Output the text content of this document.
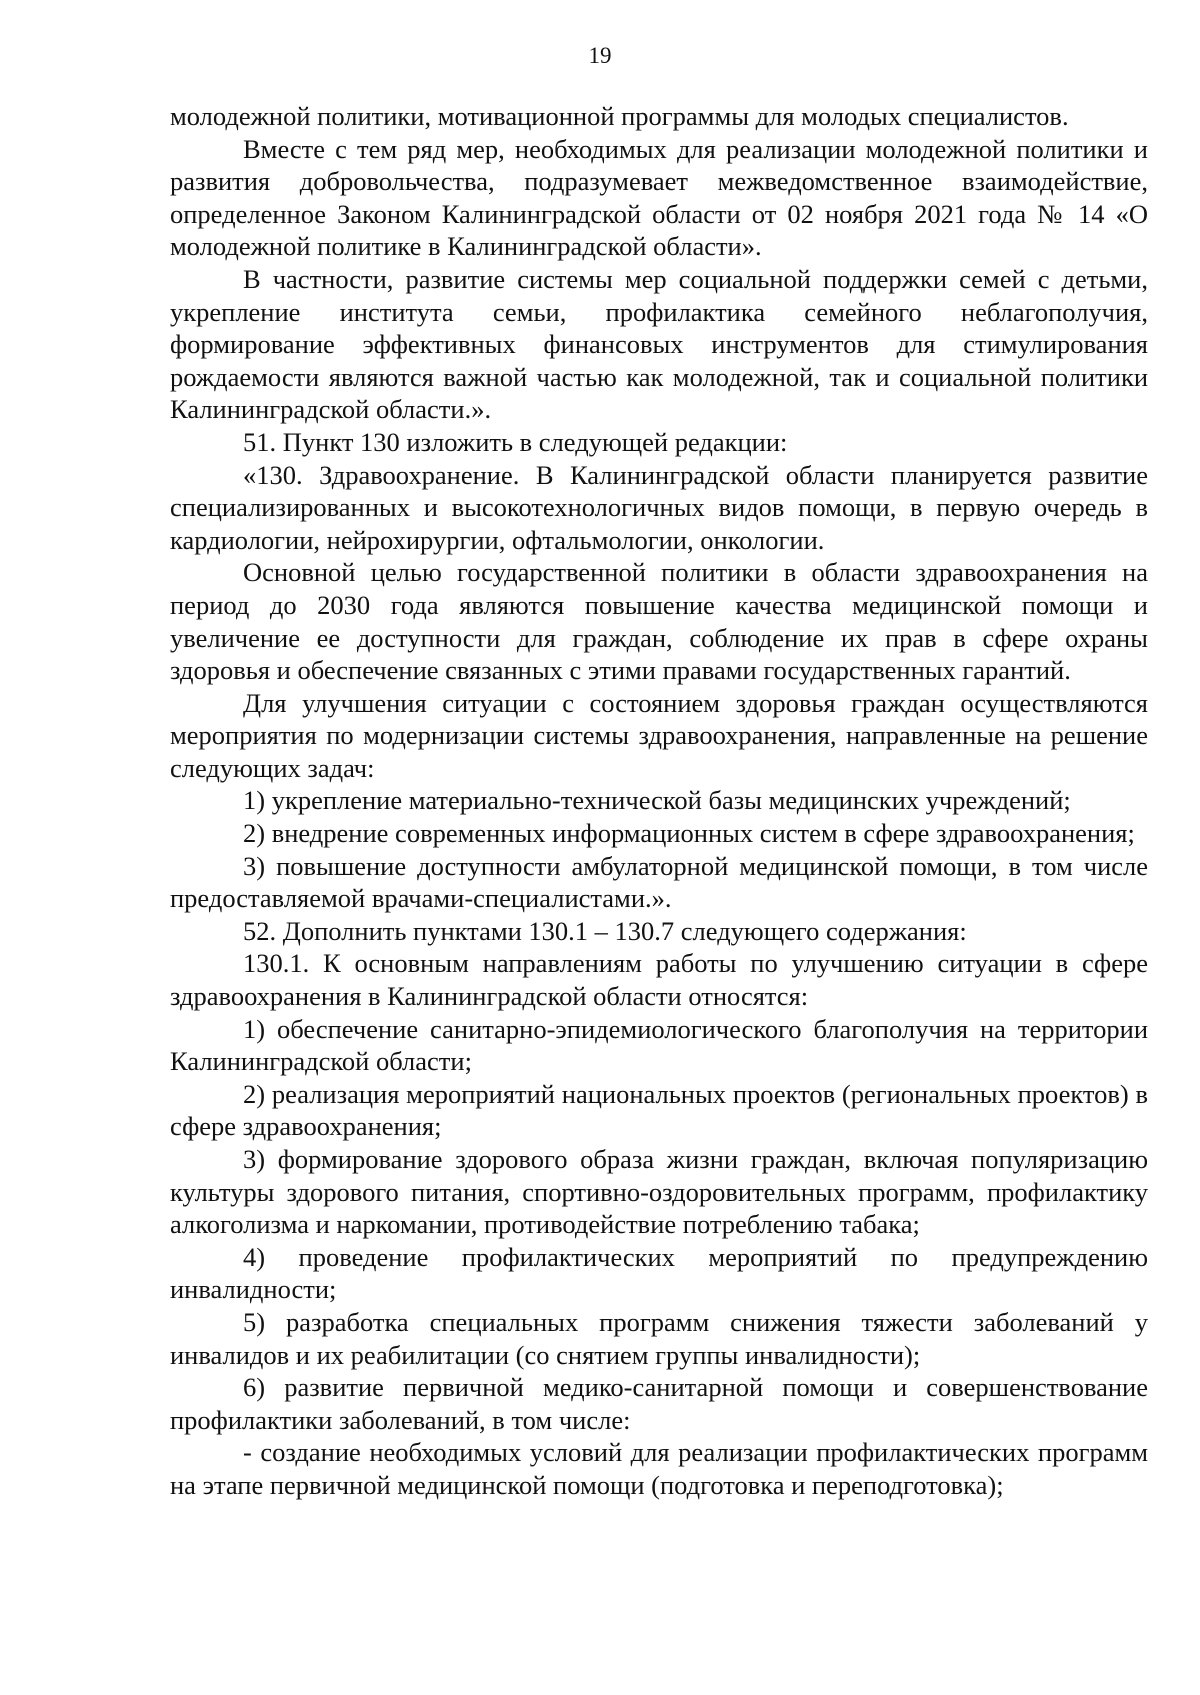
19

молодежной политики, мотивационной программы для молодых специалистов.

Вместе с тем ряд мер, необходимых для реализации молодежной политики и развития добровольчества, подразумевает межведомственное взаимодействие, определенное Законом Калининградской области от 02 ноября 2021 года № 14 «О молодежной политике в Калининградской области».

В частности, развитие системы мер социальной поддержки семей с детьми, укрепление института семьи, профилактика семейного неблагополучия, формирование эффективных финансовых инструментов для стимулирования рождаемости являются важной частью как молодежной, так и социальной политики Калининградской области.».

51. Пункт 130 изложить в следующей редакции:

«130. Здравоохранение. В Калининградской области планируется развитие специализированных и высокотехнологичных видов помощи, в первую очередь в кардиологии, нейрохирургии, офтальмологии, онкологии.

Основной целью государственной политики в области здравоохранения на период до 2030 года являются повышение качества медицинской помощи и увеличение ее доступности для граждан, соблюдение их прав в сфере охраны здоровья и обеспечение связанных с этими правами государственных гарантий.

Для улучшения ситуации с состоянием здоровья граждан осуществляются мероприятия по модернизации системы здравоохранения, направленные на решение следующих задач:

1) укрепление материально-технической базы медицинских учреждений;

2) внедрение современных информационных систем в сфере здравоохранения;

3) повышение доступности амбулаторной медицинской помощи, в том числе предоставляемой врачами-специалистами.».

52. Дополнить пунктами 130.1 – 130.7 следующего содержания:

130.1. К основным направлениям работы по улучшению ситуации в сфере здравоохранения в Калининградской области относятся:

1) обеспечение санитарно-эпидемиологического благополучия на территории Калининградской области;

2) реализация мероприятий национальных проектов (региональных проектов) в сфере здравоохранения;

3) формирование здорового образа жизни граждан, включая популяризацию культуры здорового питания, спортивно-оздоровительных программ, профилактику алкоголизма и наркомании, противодействие потреблению табака;

4) проведение профилактических мероприятий по предупреждению инвалидности;

5) разработка специальных программ снижения тяжести заболеваний у инвалидов и их реабилитации (со снятием группы инвалидности);

6) развитие первичной медико-санитарной помощи и совершенствование профилактики заболеваний, в том числе:

- создание необходимых условий для реализации профилактических программ на этапе первичной медицинской помощи (подготовка и переподготовка);
